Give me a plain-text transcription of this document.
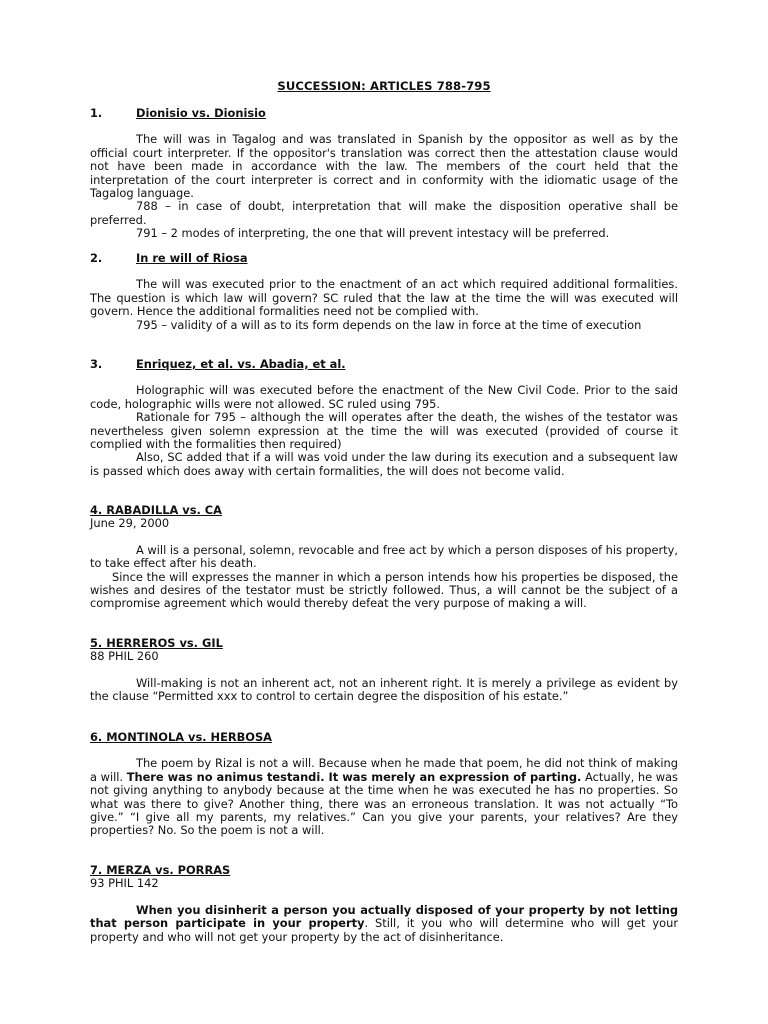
SUCCESSION: ARTICLES 788-795
1.	Dionisio vs. Dionisio

The will was in Tagalog and was translated in Spanish by the oppositor as well as by the official court interpreter. If the oppositor's translation was correct then the attestation clause would not have been made in accordance with the law. The members of the court held that the interpretation of the court interpreter is correct and in conformity with the idiomatic usage of the Tagalog language.

788 – in case of doubt, interpretation that will make the disposition operative shall be preferred.

791 – 2 modes of interpreting, the one that will prevent intestacy will be preferred.

2.	In re will of Riosa

The will was executed prior to the enactment of an act which required additional formalities. The question is which law will govern? SC ruled that the law at the time the will was executed will govern. Hence the additional formalities need not be complied with.

795 – validity of a will as to its form depends on the law in force at the time of execution

3.	Enriquez, et al. vs. Abadia, et al.

Holographic will was executed before the enactment of the New Civil Code. Prior to the said code, holographic wills were not allowed. SC ruled using 795.

Rationale for 795 – although the will operates after the death, the wishes of the testator was nevertheless given solemn expression at the time the will was executed (provided of course it complied with the formalities then required)

Also, SC added that if a will was void under the law during its execution and a subsequent law is passed which does away with certain formalities, the will does not become valid.

4. RABADILLA vs. CA
June 29, 2000

A will is a personal, solemn, revocable and free act by which a person disposes of his property, to take effect after his death.

Since the will expresses the manner in which a person intends how his properties be disposed, the wishes and desires of the testator must be strictly followed. Thus, a will cannot be the subject of a compromise agreement which would thereby defeat the very purpose of making a will.

5. HERREROS vs. GIL
88 PHIL 260

Will-making is not an inherent act, not an inherent right. It is merely a privilege as evident by the clause “Permitted xxx to control to certain degree the disposition of his estate.”

6. MONTINOLA vs. HERBOSA

The poem by Rizal is not a will. Because when he made that poem, he did not think of making a will. There was no animus testandi. It was merely an expression of parting. Actually, he was not giving anything to anybody because at the time when he was executed he has no properties. So what was there to give? Another thing, there was an erroneous translation. It was not actually “To give.” “I give all my parents, my relatives.” Can you give your parents, your relatives? Are they properties? No. So the poem is not a will.

7. MERZA vs. PORRAS
93 PHIL 142

When you disinherit a person you actually disposed of your property by not letting that person participate in your property. Still, it you who will determine who will get your property and who will not get your property by the act of disinheritance.
